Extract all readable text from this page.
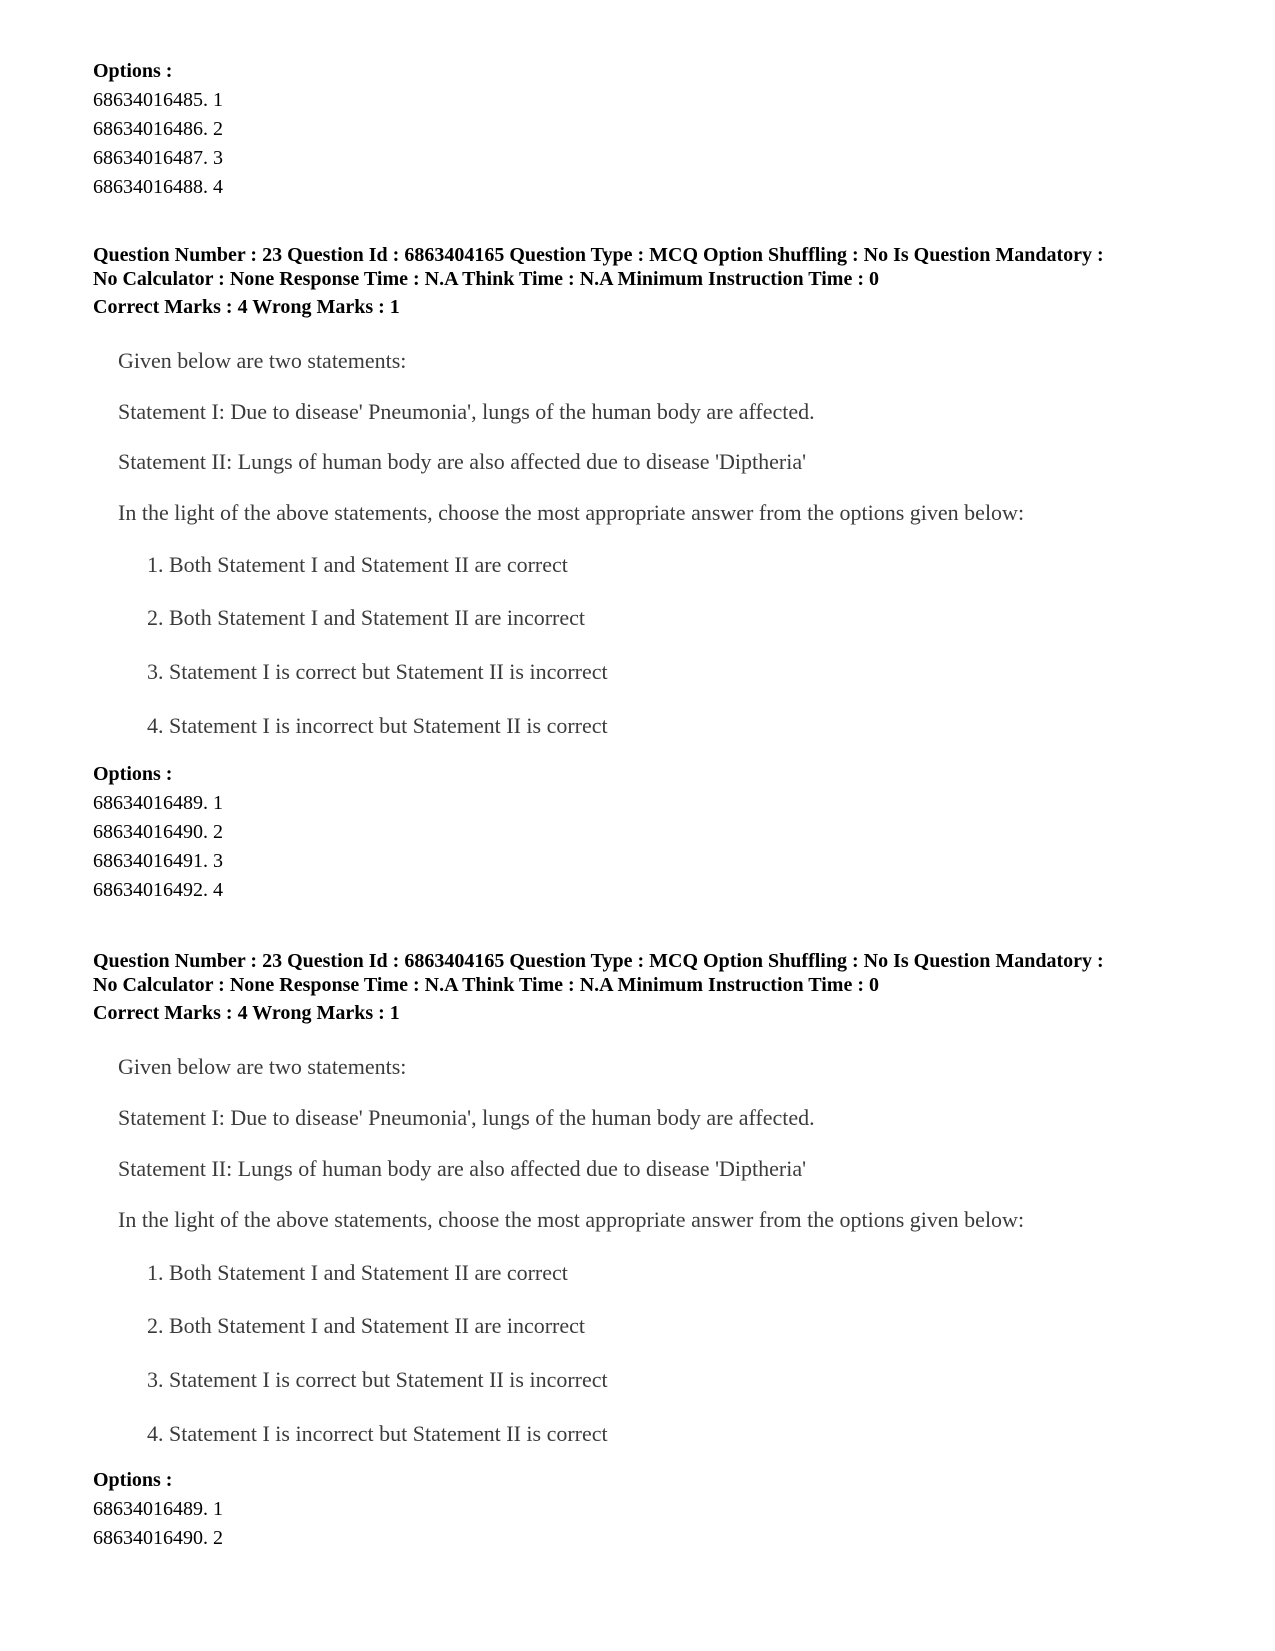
Options :
68634016485. 1
68634016486. 2
68634016487. 3
68634016488. 4
Question Number : 23 Question Id : 6863404165 Question Type : MCQ Option Shuffling : No Is Question Mandatory :
No Calculator : None Response Time : N.A Think Time : N.A Minimum Instruction Time : 0
Correct Marks : 4 Wrong Marks : 1
Given below are two statements:
Statement I: Due to disease' Pneumonia', lungs of the human body are affected.
Statement II: Lungs of human body are also affected due to disease 'Diptheria'
In the light of the above statements, choose the most appropriate answer from the options given below:
1. Both Statement I and Statement II are correct
2. Both Statement I and Statement II are incorrect
3. Statement I is correct but Statement II is incorrect
4. Statement I is incorrect but Statement II is correct
Options :
68634016489. 1
68634016490. 2
68634016491. 3
68634016492. 4
Question Number : 23 Question Id : 6863404165 Question Type : MCQ Option Shuffling : No Is Question Mandatory :
No Calculator : None Response Time : N.A Think Time : N.A Minimum Instruction Time : 0
Correct Marks : 4 Wrong Marks : 1
Given below are two statements:
Statement I: Due to disease' Pneumonia', lungs of the human body are affected.
Statement II: Lungs of human body are also affected due to disease 'Diptheria'
In the light of the above statements, choose the most appropriate answer from the options given below:
1. Both Statement I and Statement II are correct
2. Both Statement I and Statement II are incorrect
3. Statement I is correct but Statement II is incorrect
4. Statement I is incorrect but Statement II is correct
Options :
68634016489. 1
68634016490. 2
